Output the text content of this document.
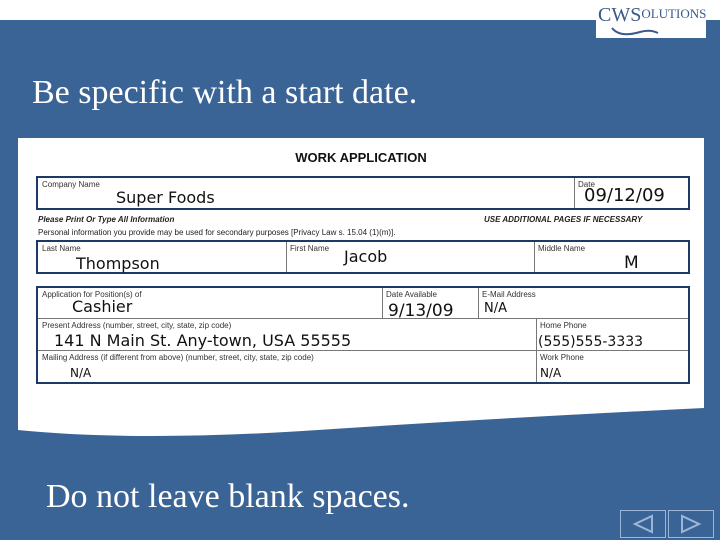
CWSOLUTIONS
Be specific with a start date.
WORK APPLICATION
Company Name
Super Foods
Date
09/12/09
Please Print Or Type All Information	USE ADDITIONAL PAGES IF NECESSARY
Personal information you provide may be used for secondary purposes [Privacy Law s. 15.04 (1)(m)].
Last Name
Thompson
First Name Jacob	Middle Name
M
Application for Position(s) of
Cashier
Date Available
9/13/09
E-Mail Address
N/A
Present Address (number, street, city, state, zip code)
141 N Main St. Any-town, USA 55555
Home Phone
(555)555-3333
Mailing Address (if different from above) (number, street, city, state, zip code)
N/A
Work Phone
N/A
Do not leave blank spaces.
